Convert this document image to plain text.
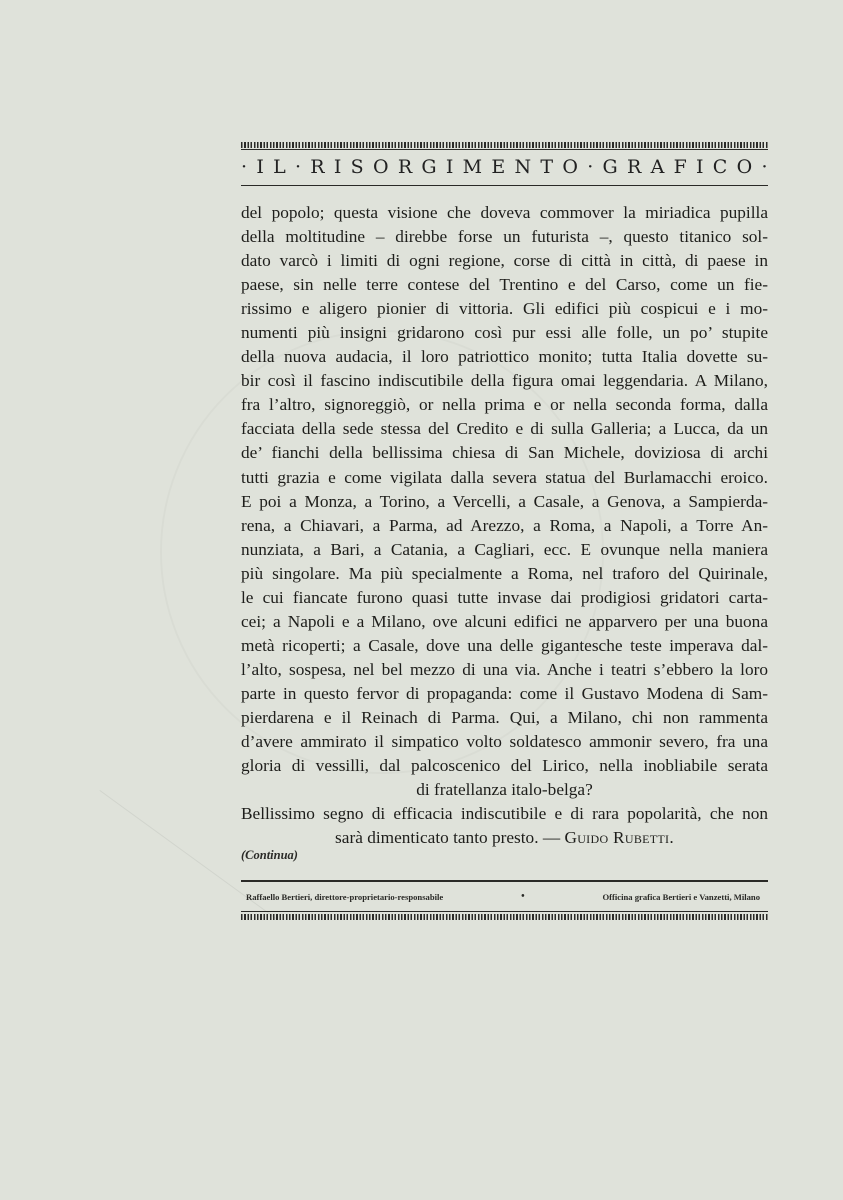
· I L · R I S O R G I M E N T O · G R A F I C O ·
del popolo; questa visione che doveva commover la miriadica pupilla
della moltitudine – direbbe forse un futurista –, questo titanico sol-
dato varcò i limiti di ogni regione, corse di città in città, di paese in
paese, sin nelle terre contese del Trentino e del Carso, come un fie-
rissimo e aligero pionier di vittoria. Gli edifici più cospicui e i mo-
numenti più insigni gridarono così pur essi alle folle, un po’ stupite
della nuova audacia, il loro patriottico monito; tutta Italia dovette su-
bir così il fascino indiscutibile della figura omai leggendaria. A Milano,
fra l’altro, signoreggiò, or nella prima e or nella seconda forma, dalla
facciata della sede stessa del Credito e di sulla Galleria; a Lucca, da un
de’ fianchi della bellissima chiesa di San Michele, doviziosa di archi
tutti grazia e come vigilata dalla severa statua del Burlamacchi eroico.
E poi a Monza, a Torino, a Vercelli, a Casale, a Genova, a Sampierda-
rena, a Chiavari, a Parma, ad Arezzo, a Roma, a Napoli, a Torre An-
nunziata, a Bari, a Catania, a Cagliari, ecc. E ovunque nella maniera
più singolare. Ma più specialmente a Roma, nel traforo del Quirinale,
le cui fiancate furono quasi tutte invase dai prodigiosi gridatori carta-
cei; a Napoli e a Milano, ove alcuni edifici ne apparvero per una buona
metà ricoperti; a Casale, dove una delle gigantesche teste imperava dal-
l’alto, sospesa, nel bel mezzo di una via. Anche i teatri s’ebbero la loro
parte in questo fervor di propaganda: come il Gustavo Modena di Sam-
pierdarena e il Reinach di Parma. Qui, a Milano, chi non rammenta
d’avere ammirato il simpatico volto soldatesco ammonir severo, fra una
gloria di vessilli, dal palcoscenico del Lirico, nella inobliabile serata
di fratellanza italo-belga?
Bellissimo segno di efficacia indiscutibile e di rara popolarità, che non
sarà dimenticato tanto presto. — Guido Rubetti.
(Continua)
Raffaello Bertieri, direttore-proprietario-responsabile	•	Officina grafica Bertieri e Vanzetti, Milano
